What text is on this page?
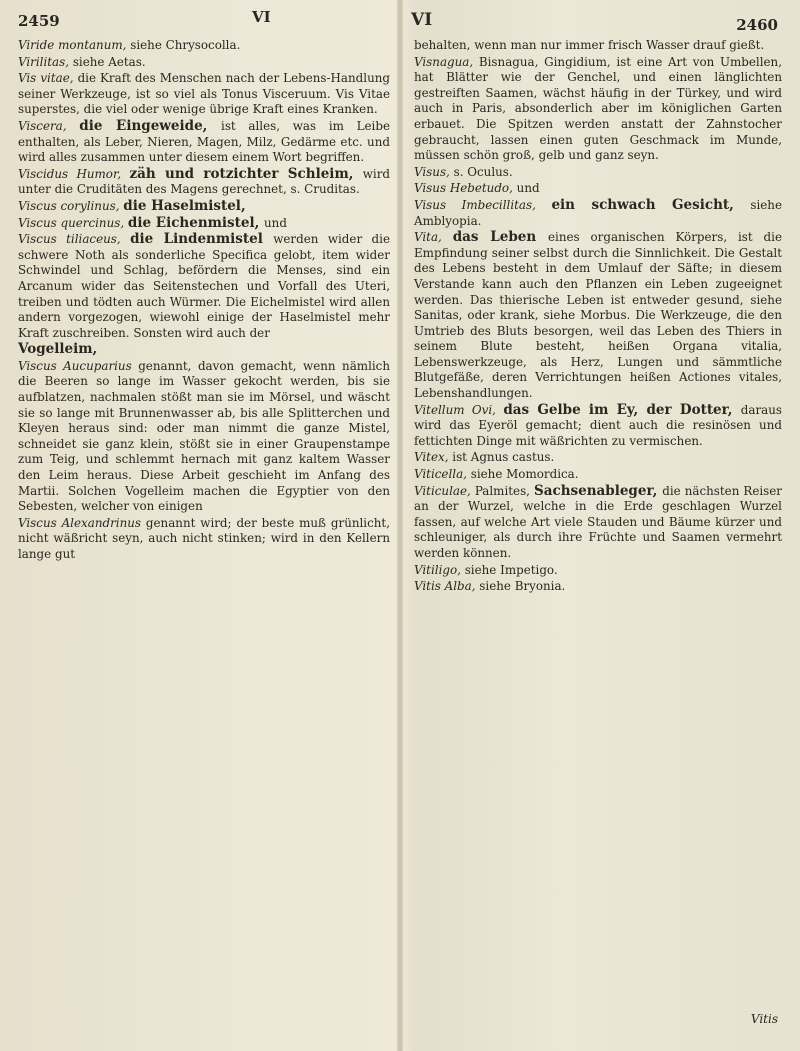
2459	VI	VI	2460

Viride montanum, siehe Chrysocolla.

Virilitas, siehe Aetas.

Vis vitae, die Kraft des Menschen nach der Lebens-Handlung seiner Werkzeuge, ist so viel als Tonus Visceruum. Vis Vitae superstes, die viel oder wenige übrige Kraft eines Kranken.

Viscera, die Eingeweide, ist alles, was im Leibe enthalten, als Leber, Nieren, Magen, Milz, Gedärme etc. und wird alles zusammen unter diesem einem Wort begriffen.

Viscidus Humor, zäh und rotzichter Schleim, wird unter die Cruditäten des Magens gerechnet, s. Cruditas.

Viscus corylinus, die Haselmistel,

Viscus quercinus, die Eichenmistel, und

Viscus tiliaceus, die Lindenmistel werden wider die schwere Noth als sonderliche Specifica gelobt, item wider Schwindel und Schlag, befördern die Menses, sind ein Arcanum wider das Seitenstechen und Vorfall des Uteri, treiben und tödten auch Würmer. Die Eichelmistel wird allen andern vorgezogen, wiewohl einige der Haselmistel mehr Kraft zuschreiben. Sonsten wird auch der

Vogelleim,

Viscus Aucuparius genannt, davon gemacht, wenn nämlich die Beeren so lange im Wasser gekocht werden, bis sie aufblatzen, nachmalen stößt man sie im Mörsel, und wäscht sie so lange mit Brunnenwasser ab, bis alle Splitterchen und Kleyen heraus sind: oder man nimmt die ganze Mistel, schneidet sie ganz klein, stößt sie in einer Graupenstampe zum Teig, und schlemmt hernach mit ganz kaltem Wasser den Leim heraus. Diese Arbeit geschieht im Anfang des Martii. Solchen Vogelleim machen die Egyptier von den Sebesten, welcher von einigen

Viscus Alexandrinus genannt wird; der beste muß grünlicht, nicht wäßricht seyn, auch nicht stinken; wird in den Kellern lange gut

behalten, wenn man nur immer frisch Wasser drauf gießt.

Visnagua, Bisnagua, Gingidium, ist eine Art von Umbellen, hat Blätter wie der Genchel, und einen länglichten gestreiften Saamen, wächst häufig in der Türkey, und wird auch in Paris, absonderlich aber im königlichen Garten erbauet. Die Spitzen werden anstatt der Zahnstocher gebraucht, lassen einen guten Geschmack im Munde, müssen schön groß, gelb und ganz seyn.

Visus, s. Oculus.

Visus Hebetudo, und

Visus Imbecillitas, ein schwach Gesicht, siehe Amblyopia.

Vita, das Leben eines organischen Körpers, ist die Empfindung seiner selbst durch die Sinnlichkeit. Die Gestalt des Lebens besteht in dem Umlauf der Säfte; in diesem Verstande kann auch den Pflanzen ein Leben zugeeignet werden. Das thierische Leben ist entweder gesund, siehe Sanitas, oder krank, siehe Morbus. Die Werkzeuge, die den Umtrieb des Bluts besorgen, weil das Leben des Thiers in seinem Blute besteht, heißen Organa vitalia, Lebenswerkzeuge, als Herz, Lungen und sämmtliche Blutgefäße, deren Verrichtungen heißen Actiones vitales, Lebenshandlungen.

Vitellum Ovi, das Gelbe im Ey, der Dotter, daraus wird das Eyeröl gemacht; dient auch die resinösen und fettichten Dinge mit wäßrichten zu vermischen.

Vitex, ist Agnus castus.

Viticella, siehe Momordica.

Viticulae, Palmites, Sachsenableger, die nächsten Reiser an der Wurzel, welche in die Erde geschlagen Wurzel fassen, auf welche Art viele Stauden und Bäume kürzer und schleuniger, als durch ihre Früchte und Saamen vermehrt werden können.

Vitiligo, siehe Impetigo.

Vitis Alba, siehe Bryonia.

Vitis
